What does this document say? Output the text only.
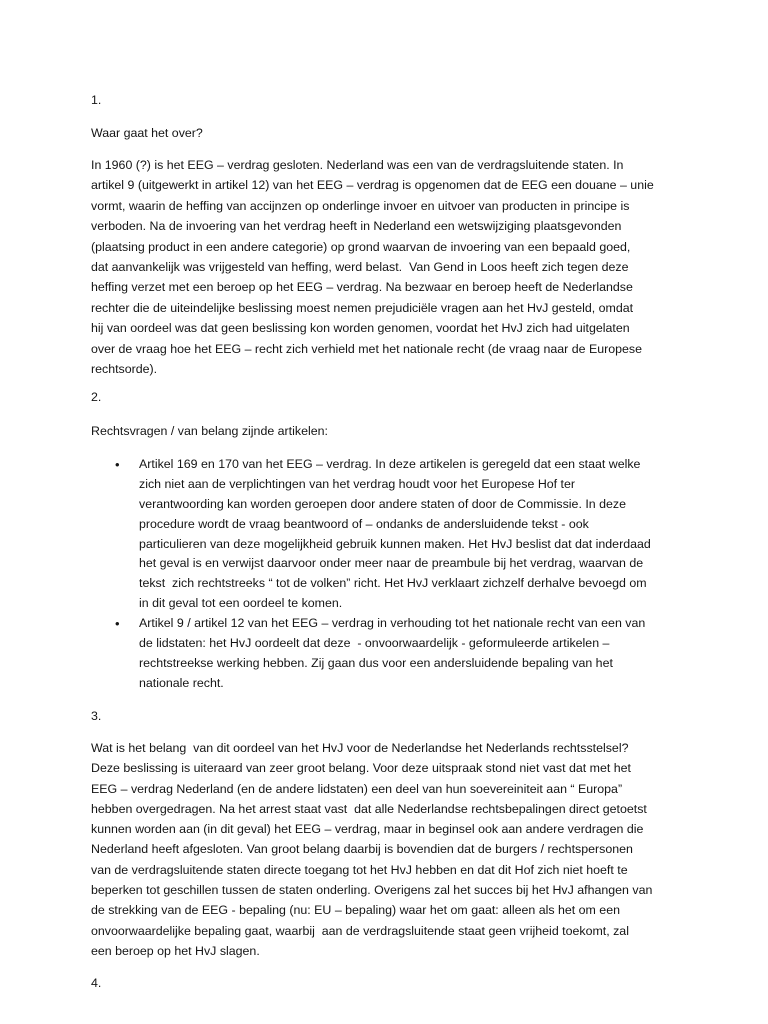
1.
Waar gaat het over?
In 1960 (?) is het EEG – verdrag gesloten. Nederland was een van de verdragsluitende staten. In
artikel 9 (uitgewerkt in artikel 12) van het EEG – verdrag is opgenomen dat de EEG een douane – unie
vormt, waarin de heffing van accijnzen op onderlinge invoer en uitvoer van producten in principe is
verboden. Na de invoering van het verdrag heeft in Nederland een wetswijziging plaatsgevonden
(plaatsing product in een andere categorie) op grond waarvan de invoering van een bepaald goed,
dat aanvankelijk was vrijgesteld van heffing, werd belast.  Van Gend in Loos heeft zich tegen deze
heffing verzet met een beroep op het EEG – verdrag. Na bezwaar en beroep heeft de Nederlandse
rechter die de uiteindelijke beslissing moest nemen prejudiciële vragen aan het HvJ gesteld, omdat
hij van oordeel was dat geen beslissing kon worden genomen, voordat het HvJ zich had uitgelaten
over de vraag hoe het EEG – recht zich verhield met het nationale recht (de vraag naar de Europese
rechtsorde).
2.
Rechtsvragen / van belang zijnde artikelen:
• Artikel 169 en 170 van het EEG – verdrag. In deze artikelen is geregeld dat een staat welke
zich niet aan de verplichtingen van het verdrag houdt voor het Europese Hof ter
verantwoording kan worden geroepen door andere staten of door de Commissie. In deze
procedure wordt de vraag beantwoord of – ondanks de andersluidende tekst - ook
particulieren van deze mogelijkheid gebruik kunnen maken. Het HvJ beslist dat dat inderdaad
het geval is en verwijst daarvoor onder meer naar de preambule bij het verdrag, waarvan de
tekst  zich rechtstreeks “ tot de volken” richt. Het HvJ verklaart zichzelf derhalve bevoegd om
in dit geval tot een oordeel te komen.
• Artikel 9 / artikel 12 van het EEG – verdrag in verhouding tot het nationale recht van een van
de lidstaten: het HvJ oordeelt dat deze  - onvoorwaardelijk - geformuleerde artikelen –
rechtstreekse werking hebben. Zij gaan dus voor een andersluidende bepaling van het
nationale recht.
3.
Wat is het belang  van dit oordeel van het HvJ voor de Nederlandse het Nederlands rechtsstelsel?
Deze beslissing is uiteraard van zeer groot belang. Voor deze uitspraak stond niet vast dat met het
EEG – verdrag Nederland (en de andere lidstaten) een deel van hun soevereiniteit aan “ Europa”
hebben overgedragen. Na het arrest staat vast  dat alle Nederlandse rechtsbepalingen direct getoetst
kunnen worden aan (in dit geval) het EEG – verdrag, maar in beginsel ook aan andere verdragen die
Nederland heeft afgesloten. Van groot belang daarbij is bovendien dat de burgers / rechtspersonen
van de verdragsluitende staten directe toegang tot het HvJ hebben en dat dit Hof zich niet hoeft te
beperken tot geschillen tussen de staten onderling. Overigens zal het succes bij het HvJ afhangen van
de strekking van de EEG - bepaling (nu: EU – bepaling) waar het om gaat: alleen als het om een
onvoorwaardelijke bepaling gaat, waarbij  aan de verdragsluitende staat geen vrijheid toekomt, zal
een beroep op het HvJ slagen.
4.
